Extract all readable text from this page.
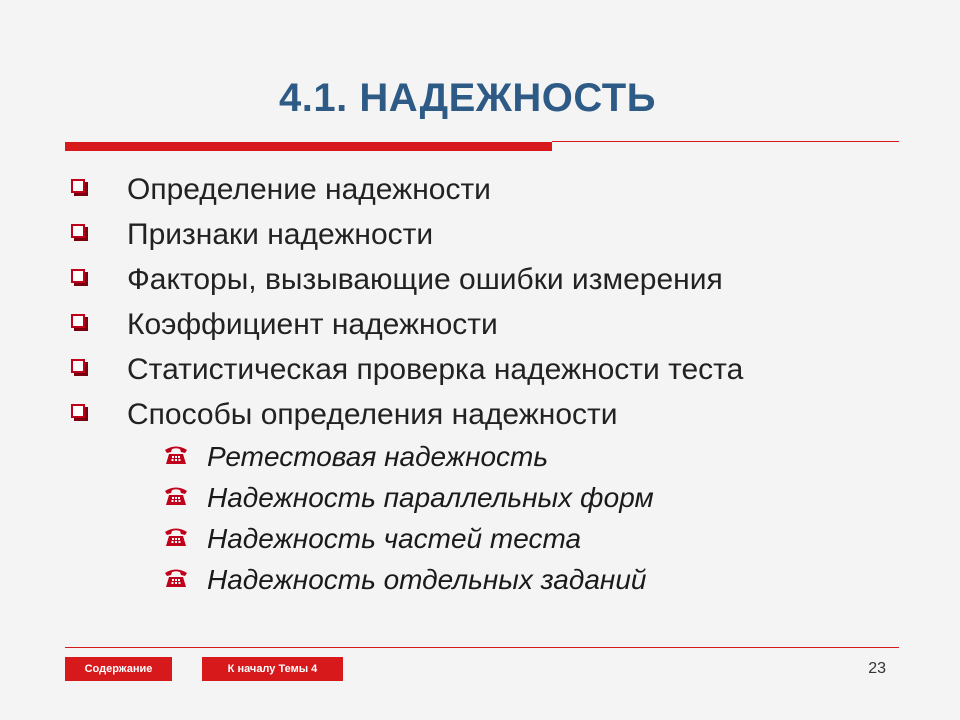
4.1. НАДЕЖНОСТЬ
Определение надежности
Признаки надежности
Факторы, вызывающие ошибки измерения
Коэффициент надежности
Статистическая проверка надежности теста
Способы определения надежности
Ретестовая надежность
Надежность параллельных форм
Надежность частей теста
Надежность отдельных заданий
Содержание	К началу Темы 4	23
